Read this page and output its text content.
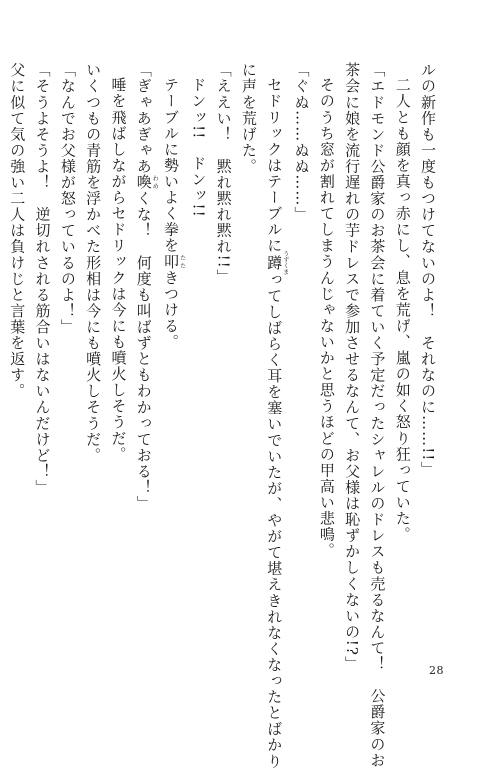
ルの新作も一度もつけてないのよ！　それなのに……!!」
二人とも顔を真っ赤にし、息を荒げ、嵐の如く怒り狂っていた。
「エドモンド公爵家のお茶会に着ていく予定だったシャレルのドレスも売るなんて！　公爵家のお
茶会に娘を流行遅れの芋ドレスで参加させるなんて、お父様は恥ずかしくないの!?」
そのうち窓が割れてしまうんじゃないかと思うほどの甲高い悲鳴。
「ぐぬ……ぬぬ……」
セドリックはテーブルに蹲うずくまってしばらく耳を塞いでいたが、やがて堪えきれなくなったとばかり
に声を荒げた。
「ええい！　黙れ黙れ黙れ!!」
ドンッ!!　ドンッ!!
テーブルに勢いよく拳を叩たたきつける。
「ぎゃあぎゃあ喚わめくな！　何度も叫ばずともわかっておる！」
唾を飛ばしながらセドリックは今にも噴火しそうだ。
いくつもの青筋を浮かべた形相は今にも噴火しそうだ。
「なんでお父様が怒っているのよ！」
「そうよそうよ！　逆切れされる筋合いはないんだけど！」
父に似て気の強い二人は負けじと言葉を返す。
28
